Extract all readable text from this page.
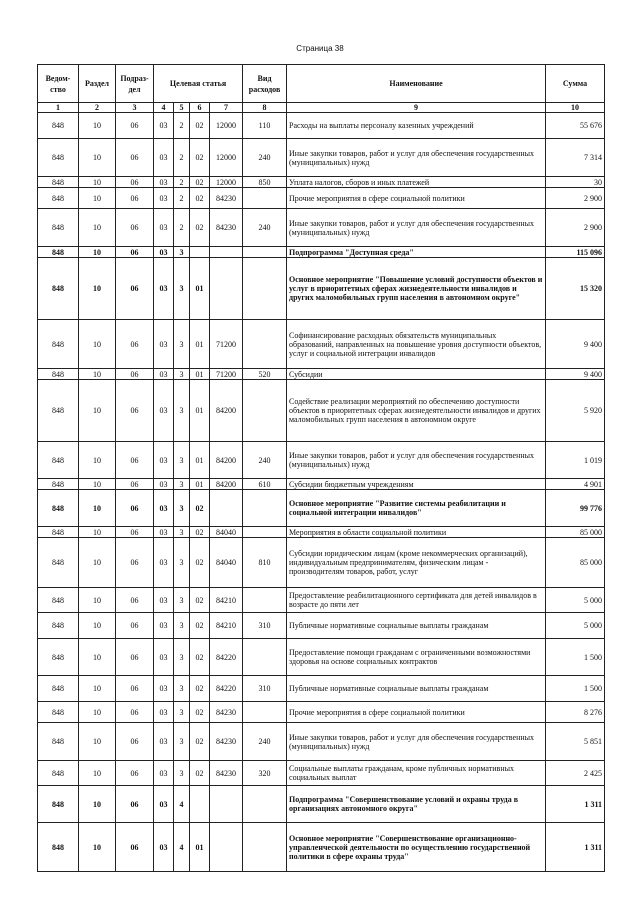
Страница 38
Ведом-ство	Раздел	Подраз-дел	Целевая статья				Вид расходов	Наименование	Сумма
1	2	3	4	5	6	7	8	9	10
848	10	06	03	2	02	12000	110	Расходы на выплаты персоналу казенных учреждений	55 676
848	10	06	03	2	02	12000	240	Иные закупки товаров, работ и услуг для обеспечения государственных (муниципальных) нужд	7 314
848	10	06	03	2	02	12000	850	Уплата налогов, сборов и иных платежей	30
848	10	06	03	2	02	84230		Прочие мероприятия в сфере социальной политики	2 900
848	10	06	03	2	02	84230	240	Иные закупки товаров, работ и услуг для обеспечения государственных (муниципальных) нужд	2 900
848	10	06	03	3				Подпрограмма "Доступная среда"	115 096
848	10	06	03	3	01			Основное мероприятие "Повышение условий доступности объектов и услуг в приоритетных сферах жизнедеятельности инвалидов и других маломобильных групп населения в автономном округе"	15 320
848	10	06	03	3	01	71200		Софинансирование расходных обязательств муниципальных образований, направленных на повышение уровня доступности объектов, услуг и социальной интеграции инвалидов	9 400
848	10	06	03	3	01	71200	520	Субсидии	9 400
848	10	06	03	3	01	84200		Содействие реализации мероприятий по обеспечению доступности объектов в приоритетных сферах жизнедеятельности инвалидов и других маломобильных групп населения в автономном округе	5 920
848	10	06	03	3	01	84200	240	Иные закупки товаров, работ и услуг для обеспечения государственных (муниципальных) нужд	1 019
848	10	06	03	3	01	84200	610	Субсидии бюджетным учреждениям	4 901
848	10	06	03	3	02			Основное мероприятие "Развитие системы реабилитации и социальной интеграции инвалидов"	99 776
848	10	06	03	3	02	84040		Мероприятия в области социальной политики	85 000
848	10	06	03	3	02	84040	810	Субсидии юридическим лицам (кроме некоммерческих организаций), индивидуальным предпринимателям, физическим лицам - производителям товаров, работ, услуг	85 000
848	10	06	03	3	02	84210		Предоставление реабилитационного сертификата для детей инвалидов в возрасте до пяти лет	5 000
848	10	06	03	3	02	84210	310	Публичные нормативные социальные выплаты гражданам	5 000
848	10	06	03	3	02	84220		Предоставление помощи гражданам с ограниченными возможностями здоровья на основе социальных контрактов	1 500
848	10	06	03	3	02	84220	310	Публичные нормативные социальные выплаты гражданам	1 500
848	10	06	03	3	02	84230		Прочие мероприятия в сфере социальной политики	8 276
848	10	06	03	3	02	84230	240	Иные закупки товаров, работ и услуг для обеспечения государственных (муниципальных) нужд	5 851
848	10	06	03	3	02	84230	320	Социальные выплаты гражданам, кроме публичных нормативных социальных выплат	2 425
848	10	06	03	4				Подпрограмма "Совершенствование условий и охраны труда в организациях автономного округа"	1 311
848	10	06	03	4	01			Основное мероприятие "Совершенствование организационно-управленческой деятельности по осуществлению государственной политики в сфере охраны труда"	1 311
